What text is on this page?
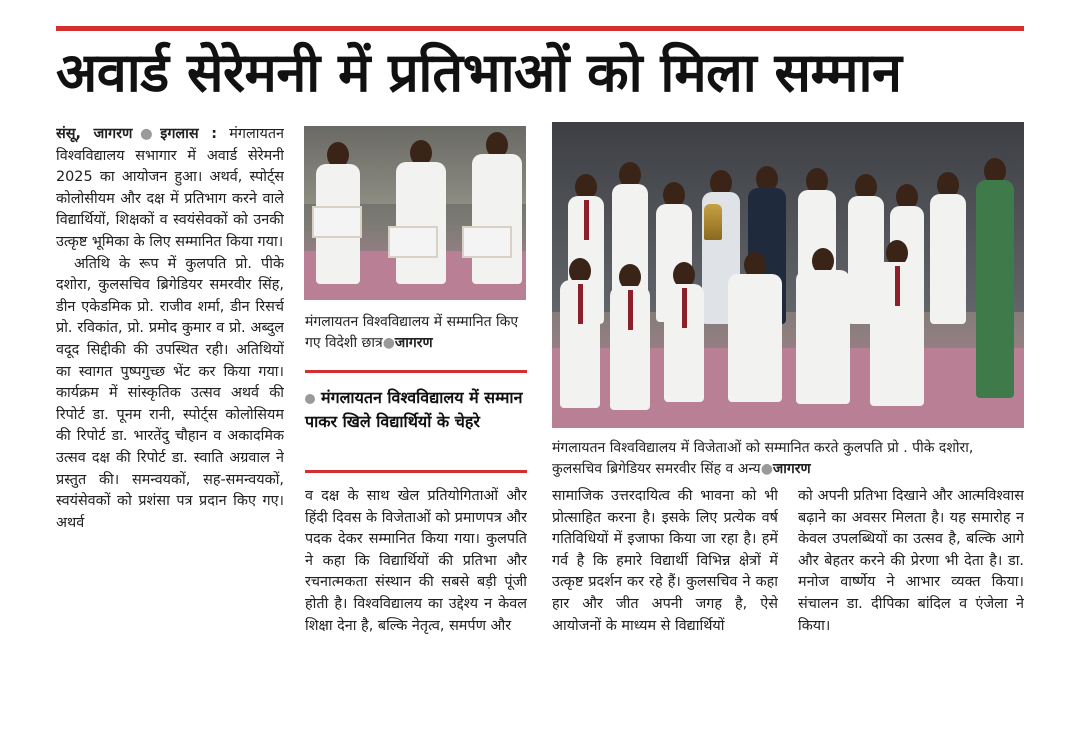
अवार्ड सेरेमनी में प्रतिभाओं को मिला सम्मान

संसू, जागरण●इगलास : मंगलायतन विश्वविद्यालय सभागार में अवार्ड सेरेमनी 2025 का आयोजन हुआ। अथर्व, स्पोर्ट्स कोलोसीयम और दक्ष में प्रतिभाग करने वाले विद्यार्थियों, शिक्षकों व स्वयंसेवकों को उनकी उत्कृष्ट भूमिका के लिए सम्मानित किया गया।

अतिथि के रूप में कुलपति प्रो. पीके दशोरा, कुलसचिव ब्रिगेडियर समरवीर सिंह, डीन एकेडमिक प्रो. राजीव शर्मा, डीन रिसर्च प्रो. रविकांत, प्रो. प्रमोद कुमार व प्रो. अब्दुल वदूद सिद्दीकी की उपस्थित रही। अतिथियों का स्वागत पुष्पगुच्छ भेंट कर किया गया। कार्यक्रम में सांस्कृतिक उत्सव अथर्व की रिपोर्ट डा. पूनम रानी, स्पोर्ट्स कोलोसियम की रिपोर्ट डा. भारतेंदु चौहान व अकादमिक उत्सव दक्ष की रिपोर्ट डा. स्वाति अग्रवाल ने प्रस्तुत की। समन्वयकों, सह-समन्वयकों, स्वयंसेवकों को प्रशंसा पत्र प्रदान किए गए। अथर्व

मंगलायतन विश्वविद्यालय में सम्मानित किए गए विदेशी छात्र●जागरण
मंगलायतन विश्वविद्यालय में सम्मान पाकर खिले विद्यार्थियों के चेहरे

व दक्ष के साथ खेल प्रतियोगिताओं और हिंदी दिवस के विजेताओं को प्रमाणपत्र और पदक देकर सम्मानित किया गया। कुलपति ने कहा कि विद्यार्थियों की प्रतिभा और रचनात्मकता संस्थान की सबसे बड़ी पूंजी होती है। विश्वविद्यालय का उद्देश्य न केवल शिक्षा देना है, बल्कि नेतृत्व, समर्पण और

मंगलायतन विश्वविद्यालय में विजेताओं को सम्मानित करते कुलपति प्रो . पीके दशोरा, कुलसचिव ब्रिगेडियर समरवीर सिंह व अन्य●जागरण

सामाजिक उत्तरदायित्व की भावना को भी प्रोत्साहित करना है। इसके लिए प्रत्येक वर्ष गतिविधियों में इजाफा किया जा रहा है। हमें गर्व है कि हमारे विद्यार्थी विभिन्न क्षेत्रों में उत्कृष्ट प्रदर्शन कर रहे हैं। कुलसचिव ने कहा हार और जीत अपनी जगह है, ऐसे आयोजनों के माध्यम से विद्यार्थियों

को अपनी प्रतिभा दिखाने और आत्मविश्वास बढ़ाने का अवसर मिलता है। यह समारोह न केवल उपलब्धियों का उत्सव है, बल्कि आगे और बेहतर करने की प्रेरणा भी देता है। डा. मनोज वार्ष्णेय ने आभार व्यक्त किया। संचालन डा. दीपिका बांदिल व एंजेला ने किया।
